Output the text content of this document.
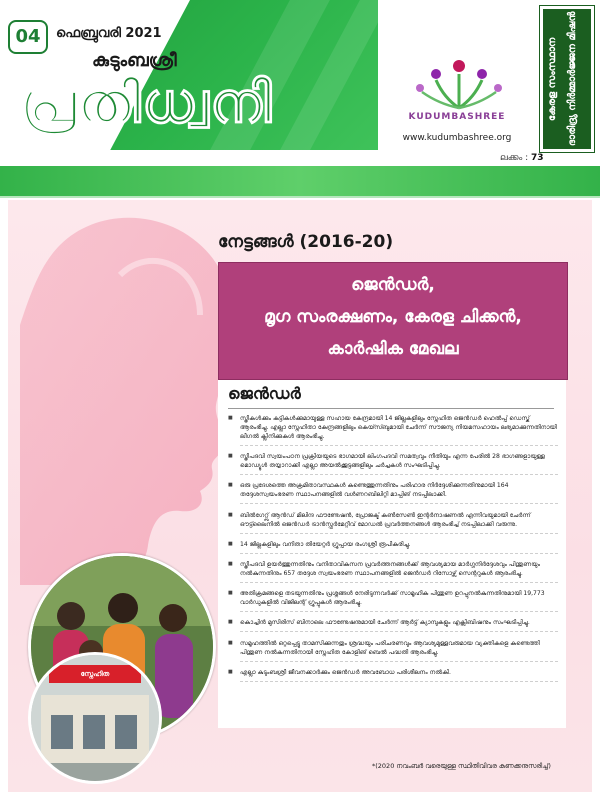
04	ഫെബ്രുവരി 2021
കുടുംബശ്രീ
പ്രതിധ്വനി	KUDUMBASHREE
www.kudumbashree.org
കേരള സംസ്ഥാന ദാരിദ്ര്യ നിർമ്മാർജ്ജന മിഷൻ
ലക്കം : 73
നേട്ടങ്ങൾ (2016-20)
ജെൻഡർ,
മൃഗ സംരക്ഷണം, കേരള ചിക്കൻ,
കാർഷിക മേഖല
ജെൻഡർ
■ സ്ത്രീകൾക്കും കുട്ടികൾക്കുമായുള്ള സഹായ കേന്ദ്രമായി 14 ജില്ലകളിലും സ്നേഹിത ജെൻഡർ ഹെൽപ്പ് ഡെസ്ക് ആരംഭിച്ചു. എല്ലാ സ്നേഹിതാ കേന്ദ്രങ്ങളിലും കെയ്സ്ബുമായി ചേർന്ന് സൗജന്യ നിയമസഹായം ലഭ്യമാക്കുന്നതിനായി ലീഗൽ ക്ലിനിക്കുകൾ ആരംഭിച്ചു.
■ സ്ത്രീപദവി സ്വയംപഠന പ്രക്രിയയുടെ ഭാഗമായി ലിംഗപദവി സമത്വവും നീതിയും എന്ന പേരിൽ 28 ഭാഗങ്ങളായുള്ള മൊഡ്യൂൾ തയ്യാറാക്കി എല്ലാ അയൽക്കൂട്ടങ്ങളിലും ചർച്ചകൾ സംഘടിപ്പിച്ചു.
■ ഒരു പ്രദേശത്തെ അക്രമിതാവസ്ഥകൾ കണ്ടെത്തുന്നതിനും പരിഹാര നിർദ്ദേശിക്കുന്നതിനുമായി 164 തദ്ദേശസ്വയംഭരണ സ്ഥാപനങ്ങളിൽ വൾണറബിലിറ്റി മാപ്പിങ് നടപ്പിലാക്കി.
■ ബിൽഗേറ്റ്സ് ആൻഡ് മിലിന്ദ ഫൗണ്ടേഷൻ, പ്രോജക്ട് കൺസേൺ ഇന്റർനാഷണൽ എന്നിവയുമായി ചേർന്ന് ഔട്ട്‍ലൈനിൽ ജെൻഡർ ട്രാൻസ്ഫർമേറ്റീവ് മോഡൽ പ്രവർത്തനങ്ങൾ ആരംഭിച്ച് നടപ്പിലാക്കി വരുന്നു.
■ 14 ജില്ലകളിലും വനിതാ തിയേറ്റർ ഗ്രൂപ്പായ രംഗശ്രീ രൂപീകരിച്ചു.
■ സ്ത്രീപദവി ഉയർത്തുന്നതിനും വനിതാവികസന പ്രവർത്തനങ്ങൾക്ക് ആവശ്യമായ മാർഗ്ഗനിർദ്ദേശവും പിന്തുണയും നൽകുന്നതിനും 657 തദ്ദേശ സ്വയംഭരണ സ്ഥാപനങ്ങളിൽ ജെൻഡർ റിസോഴ്സ് സെന്ററുകൾ ആരംഭിച്ചു.
■ അതിക്രമങ്ങളെ തടയുന്നതിനും പ്രശ്നങ്ങൾ നേരിടുന്നവർക്ക് സാമൂഹിക പിന്തുണ ഉറപ്പുനൽകുന്നതിനുമായി 19,773 വാർഡുകളിൽ വിജിലന്റ് ഗ്രൂപ്പുകൾ ആരംഭിച്ചു.
■ കൊച്ചിൻ മുസിരിസ് ബിനാലെ ഫൗണ്ടേഷനുമായി ചേർന്ന് ആർട്ട് ക്യാമ്പുകളും എക്സിബിഷനും സംഘടിപ്പിച്ചു.
■ സമൂഹത്തിൽ ഒറ്റപ്പെട്ടു താമസിക്കുന്നതും ശ്രദ്ധയും പരിചരണവും ആവശ്യമുള്ളവരുമായ വ്യക്തികളെ കണ്ടെത്തി പിന്തുണ നൽകുന്നതിനായി സ്നേഹിത കോളിങ് ബെൽ പദ്ധതി ആരംഭിച്ചു.
■ എല്ലാ കുടുംബശ്രീ ജീവനക്കാർക്കും ജെൻഡർ അവബോധ പരിശീലനം നൽകി.
*(2020 നവംബർ വരെയുള്ള സ്ഥിതിവിവര കണക്കനുസരിച്ച്)
സ്നേഹിത
